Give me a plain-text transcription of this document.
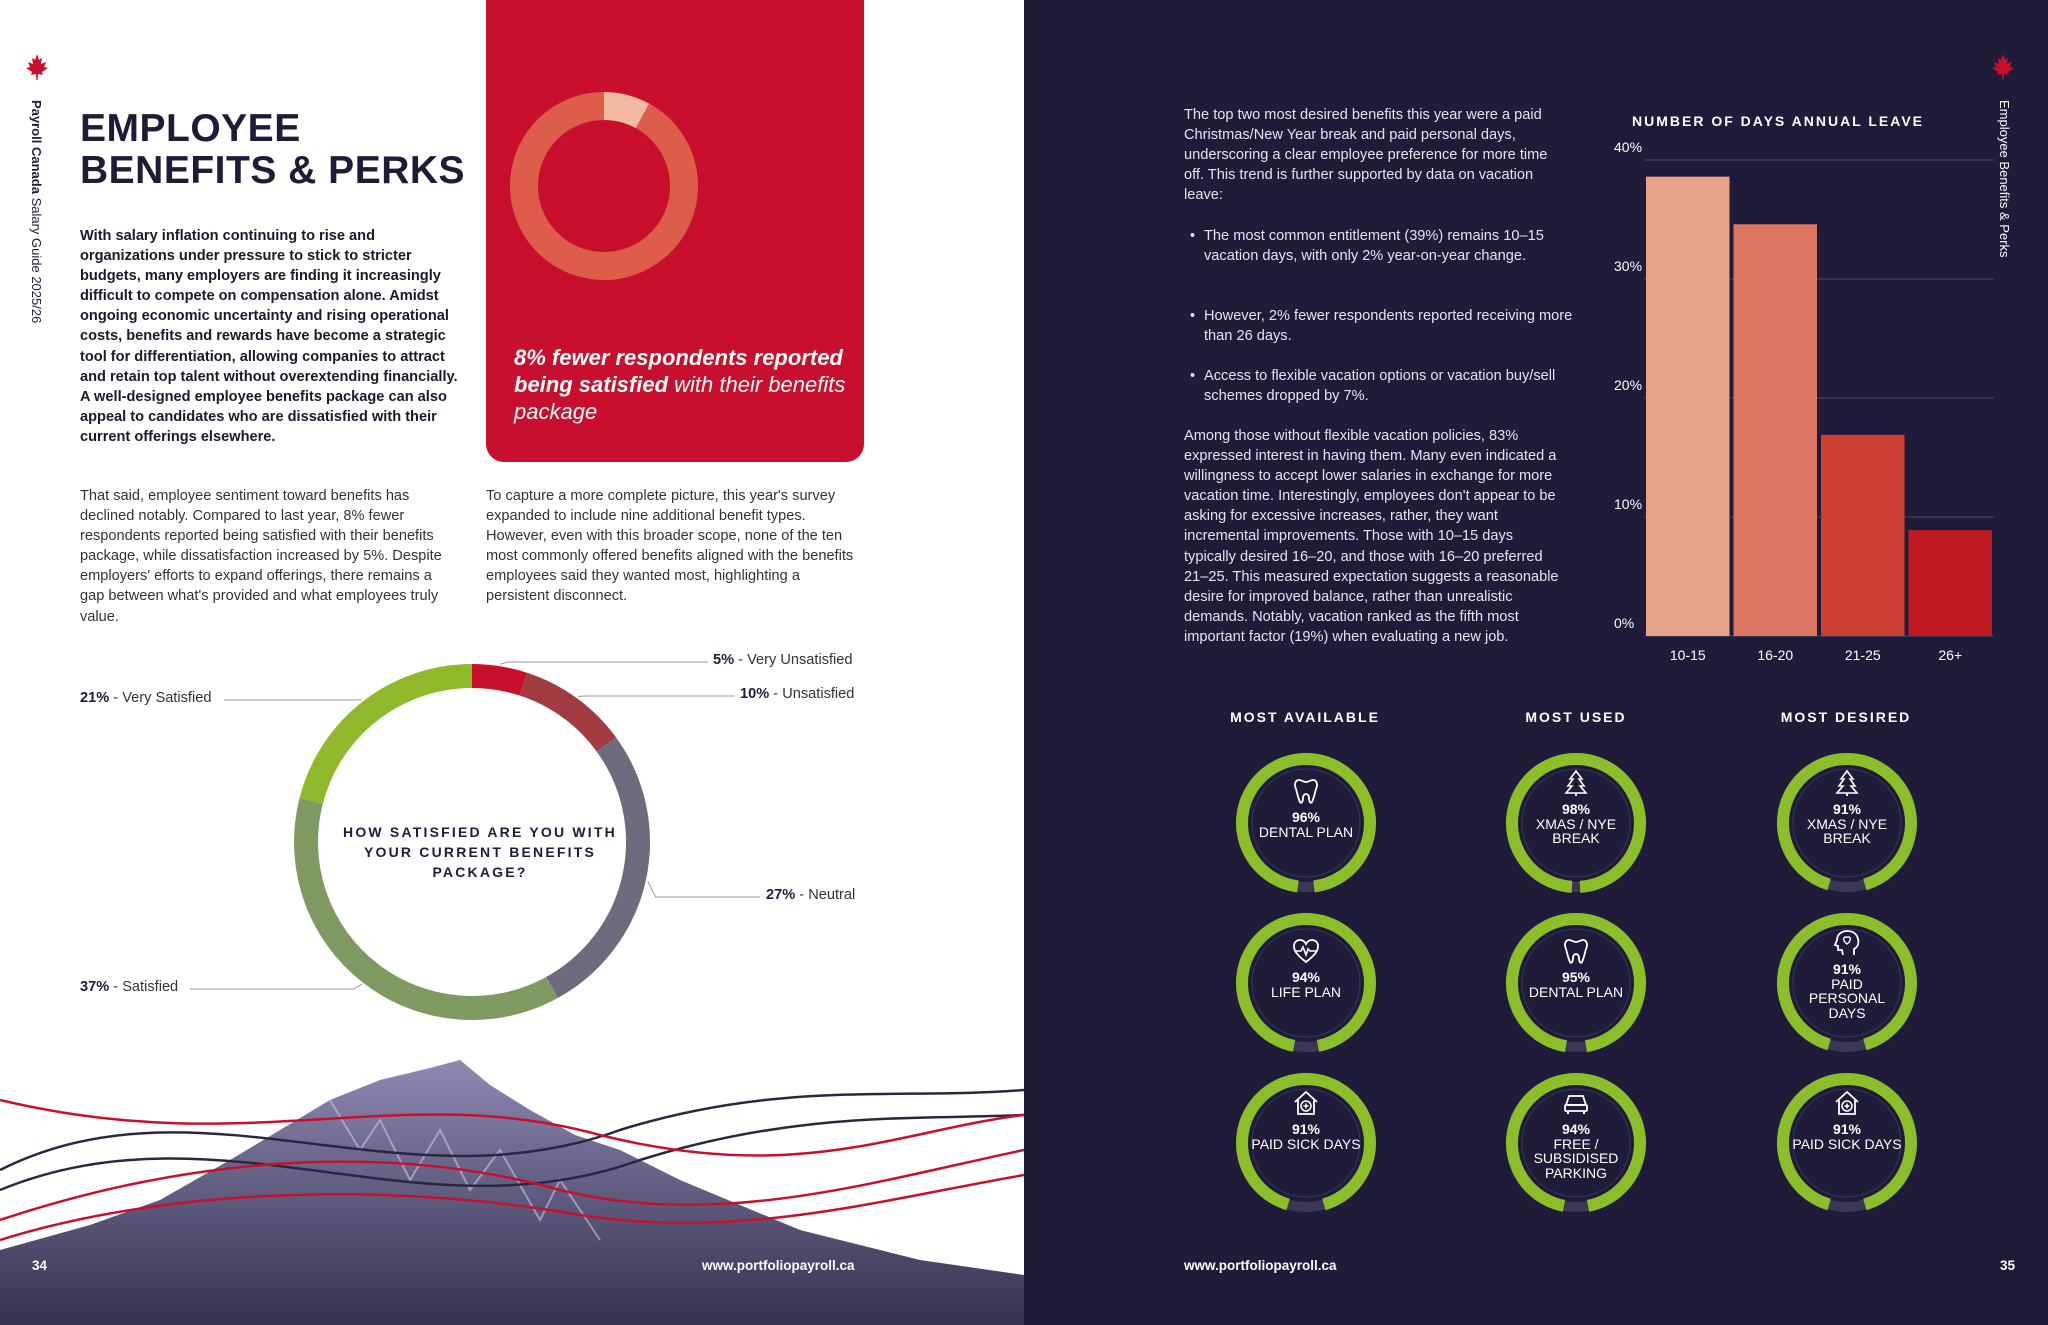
Payroll Canada Salary Guide 2025/26
EMPLOYEE
BENEFITS & PERKS

With salary inflation continuing to rise and organizations under pressure to stick to stricter budgets, many employers are finding it increasingly difficult to compete on compensation alone. Amidst ongoing economic uncertainty and rising operational costs, benefits and rewards have become a strategic tool for differentiation, allowing companies to attract and retain top talent without overextending financially. A well-designed employee benefits package can also appeal to candidates who are dissatisfied with their current offerings elsewhere.

That said, employee sentiment toward benefits has declined notably. Compared to last year, 8% fewer respondents reported being satisfied with their benefits package, while dissatisfaction increased by 5%. Despite employers' efforts to expand offerings, there remains a gap between what's provided and what employees truly value.

To capture a more complete picture, this year's survey expanded to include nine additional benefit types. However, even with this broader scope, none of the ten most commonly offered benefits aligned with the benefits employees said they wanted most, highlighting a persistent disconnect.

8% fewer respondents reported being satisfied with their benefits package
HOW SATISFIED ARE YOU WITH YOUR CURRENT BENEFITS PACKAGE?
5% - Very Unsatisfied
10% - Unsatisfied
27% - Neutral
37% - Satisfied
21% - Very Satisfied
34	www.portfoliopayroll.ca
Employee Benefits & Perks

The top two most desired benefits this year were a paid Christmas/New Year break and paid personal days, underscoring a clear employee preference for more time off. This trend is further supported by data on vacation leave:

• The most common entitlement (39%) remains 10–15 vacation days, with only 2% year-on-year change.

• However, 2% fewer respondents reported receiving more than 26 days.

• Access to flexible vacation options or vacation buy/sell schemes dropped by 7%.

Among those without flexible vacation policies, 83% expressed interest in having them. Many even indicated a willingness to accept lower salaries in exchange for more vacation time. Interestingly, employees don't appear to be asking for excessive increases, rather, they want incremental improvements. Those with 10–15 days typically desired 16–20, and those with 16–20 preferred 21–25. This measured expectation suggests a reasonable desire for improved balance, rather than unrealistic demands. Notably, vacation ranked as the fifth most important factor (19%) when evaluating a new job.

NUMBER OF DAYS ANNUAL LEAVE
0%
10%
20%
30%
40%
10-15	16-20	21-25	26+
MOST AVAILABLE	MOST USED	MOST DESIRED
96%
DENTAL PLAN
94%
LIFE PLAN
91%
PAID SICK DAYS
98%
XMAS / NYE BREAK
95%
DENTAL PLAN
94%
FREE / SUBSIDISED PARKING
91%
XMAS / NYE BREAK
91%
PAID PERSONAL DAYS
91%
PAID SICK DAYS
www.portfoliopayroll.ca	35
